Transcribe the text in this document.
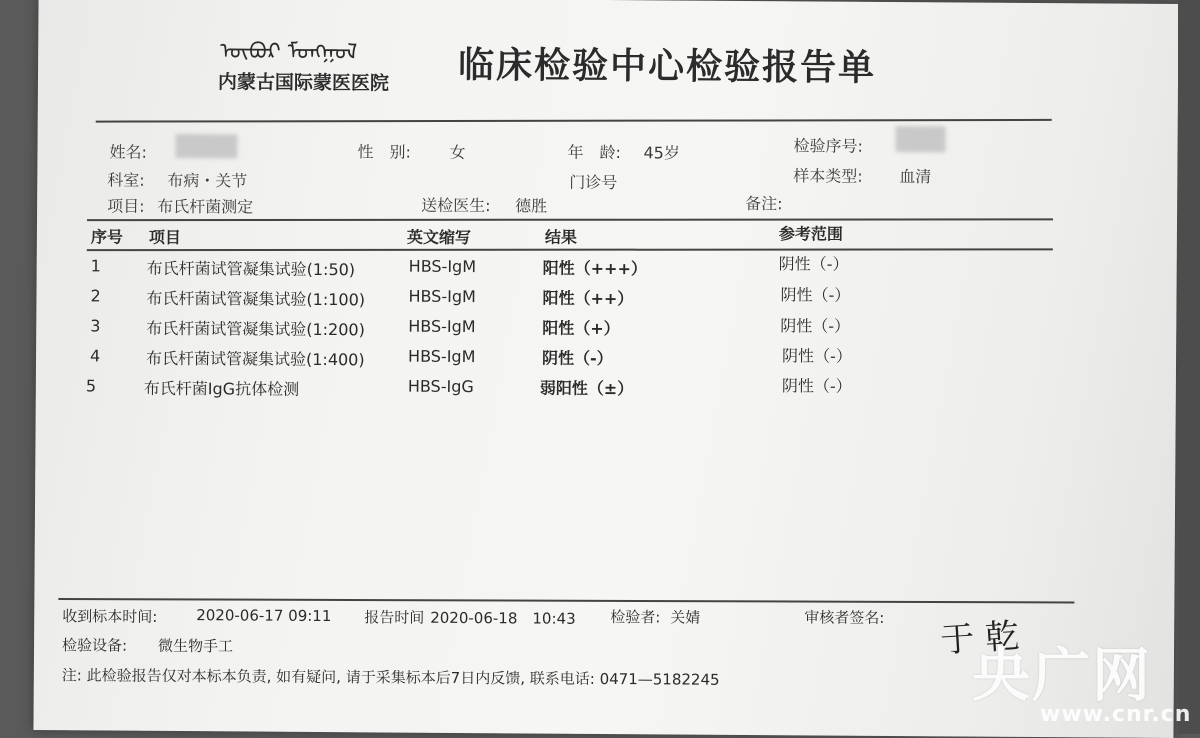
ᠦᠪᠦᠷ ᠮᠣᠩᠭᠣᠯ
内蒙古国际蒙医医院 临床检验中心检验报告单
姓名:	性　别: 女	年　龄: 45岁	检验序号:
科室: 布病・关节	门诊号	样本类型: 血清
项目: 布氏杆菌测定	送检医生: 德胜	备注:
序号 项目	英文缩写	结果	参考范围
1	布氏杆菌试管凝集试验(1:50)	HBS-IgM	阳性（+++）	阴性（-）
2	布氏杆菌试管凝集试验(1:100)	HBS-IgM	阳性（++）	阴性（-）
3	布氏杆菌试管凝集试验(1:200)	HBS-IgM	阳性（+）	阴性（-）
4	布氏杆菌试管凝集试验(1:400)	HBS-IgM	阴性（-）	阴性（-）
5	布氏杆菌IgG抗体检测	HBS-IgG	弱阳性（±）	阴性（-）
收到标本时间:	2020-06-17 09:11 报告时间 2020-06-18　10:43 检验者: 关婧	审核者签名:
检验设备: 微生物手工
注: 此检验报告仅对本标本负责, 如有疑问, 请于采集标本后7日内反馈, 联系电话: 0471—5182245
于 乾
央广网
www.cnr.cn
